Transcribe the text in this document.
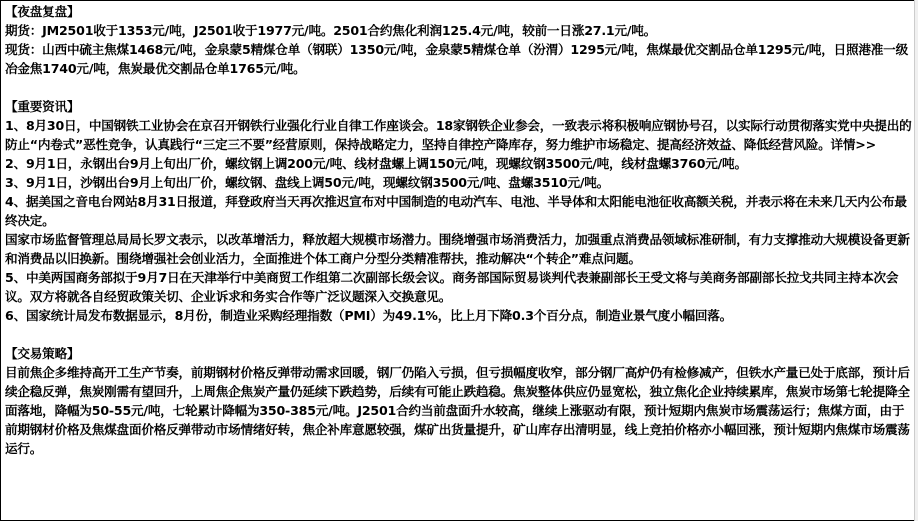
【夜盘复盘】

期货：JM2501收于1353元/吨，J2501收于1977元/吨。2501合约焦化利润125.4元/吨，较前一日涨27.1元/吨。

现货：山西中硫主焦煤1468元/吨，金泉蒙5精煤仓单（钢联）1350元/吨，金泉蒙5精煤仓单（汾渭）1295元/吨，焦煤最优交割品仓单1295元/吨，日照港准一级冶金焦1740元/吨，焦炭最优交割品仓单1765元/吨。

【重要资讯】

1、8月30日，中国钢铁工业协会在京召开钢铁行业强化行业自律工作座谈会。18家钢铁企业参会，一致表示将积极响应钢协号召，以实际行动贯彻落实党中央提出的防止“内卷式”恶性竞争，认真践行“三定三不要”经营原则，保持战略定力，坚持自律控产降库存，努力维护市场稳定、提高经济效益、降低经营风险。详情>>

2、9月1日，永钢出台9月上旬出厂价，螺纹钢上调200元/吨、线材盘螺上调150元/吨，现螺纹钢3500元/吨，线材盘螺3760元/吨。

3、9月1日，沙钢出台9月上旬出厂价，螺纹钢、盘线上调50元/吨，现螺纹钢3500元/吨、盘螺3510元/吨。

4、据美国之音电台网站8月31日报道，拜登政府当天再次推迟宣布对中国制造的电动汽车、电池、半导体和太阳能电池征收高额关税，并表示将在未来几天内公布最终决定。

国家市场监督管理总局局长罗文表示，以改革增活力，释放超大规模市场潜力。围绕增强市场消费活力，加强重点消费品领域标准研制，有力支撑推动大规模设备更新和消费品以旧换新。围绕增强社会创业活力，全面推进个体工商户分型分类精准帮扶，推动解决“个转企”难点问题。

5、中美两国商务部拟于9月7日在天津举行中美商贸工作组第二次副部长级会议。商务部国际贸易谈判代表兼副部长王受文将与美商务部副部长拉戈共同主持本次会议。双方将就各自经贸政策关切、企业诉求和务实合作等广泛议题深入交换意见。

6、国家统计局发布数据显示，8月份，制造业采购经理指数（PMI）为49.1%，比上月下降0.3个百分点，制造业景气度小幅回落。

【交易策略】

目前焦企多维持高开工生产节奏，前期钢材价格反弹带动需求回暖，钢厂仍陷入亏损，但亏损幅度收窄，部分钢厂高炉仍有检修减产，但铁水产量已处于底部，预计后续企稳反弹，焦炭刚需有望回升，上周焦企焦炭产量仍延续下跌趋势，后续有可能止跌趋稳。焦炭整体供应仍显宽松，独立焦化企业持续累库，焦炭市场第七轮提降全面落地，降幅为50-55元/吨，七轮累计降幅为350-385元/吨。J2501合约当前盘面升水较高，继续上涨驱动有限，预计短期内焦炭市场震荡运行；焦煤方面，由于前期钢材价格及焦煤盘面价格反弹带动市场情绪好转，焦企补库意愿较强，煤矿出货量提升，矿山库存出清明显，线上竞拍价格亦小幅回涨，预计短期内焦煤市场震荡运行。
